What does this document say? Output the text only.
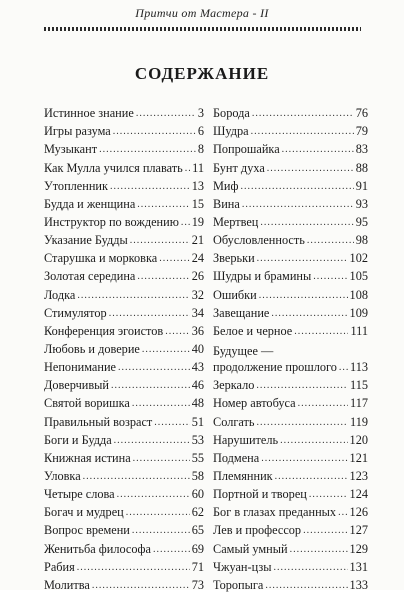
Притчи от Мастера - II
СОДЕРЖАНИЕ
Истинное знание .....	3
Игры разума .....	6
Музыкант .....	8
Как Мулла учился плавать ..... 11
Утопленник .....	13
Будда и женщина .....	15
Инструктор по вождению ..... 19
Указание Будды .....	21
Старушка и морковка .....	24
Золотая середина .....	26
Лодка .....	32
Стимулятор .....	34
Конференция эгоистов ..... 36
Любовь и доверие .....	40
Непонимание .....	43
Доверчивый .....	46
Святой воришка .....	48
Правильный возраст .....	51
Боги и Будда .....	53
Книжная истина .....	55
Уловка .....	58
Четыре слова .....	60
Богач и мудрец .....	62
Вопрос времени .....	65
Женитьба философа .....	69
Рабия .....	71
Молитва .....	73
Борода .....	76
Шудра .....	79
Попрошайка .....	83
Бунт духа .....	88
Миф .....	91
Вина .....	93
Мертвец .....	95
Обусловленность .....	98
Зверьки .....	102
Шудры и брамины .....	105
Ошибки .....	108
Завещание .....	109
Белое и черное .....	111
Будущее —
продолжение прошлого ..... 113
Зеркало .....	115
Номер автобуса .....	117
Солгать .....	119
Нарушитель .....	120
Подмена .....	121
Племянник .....	123
Портной и творец .....	124
Бог в глазах преданных ..... 126
Лев и профессор .....	127
Самый умный .....	129
Чжуан-цзы .....	131
Торопыга .....	133
